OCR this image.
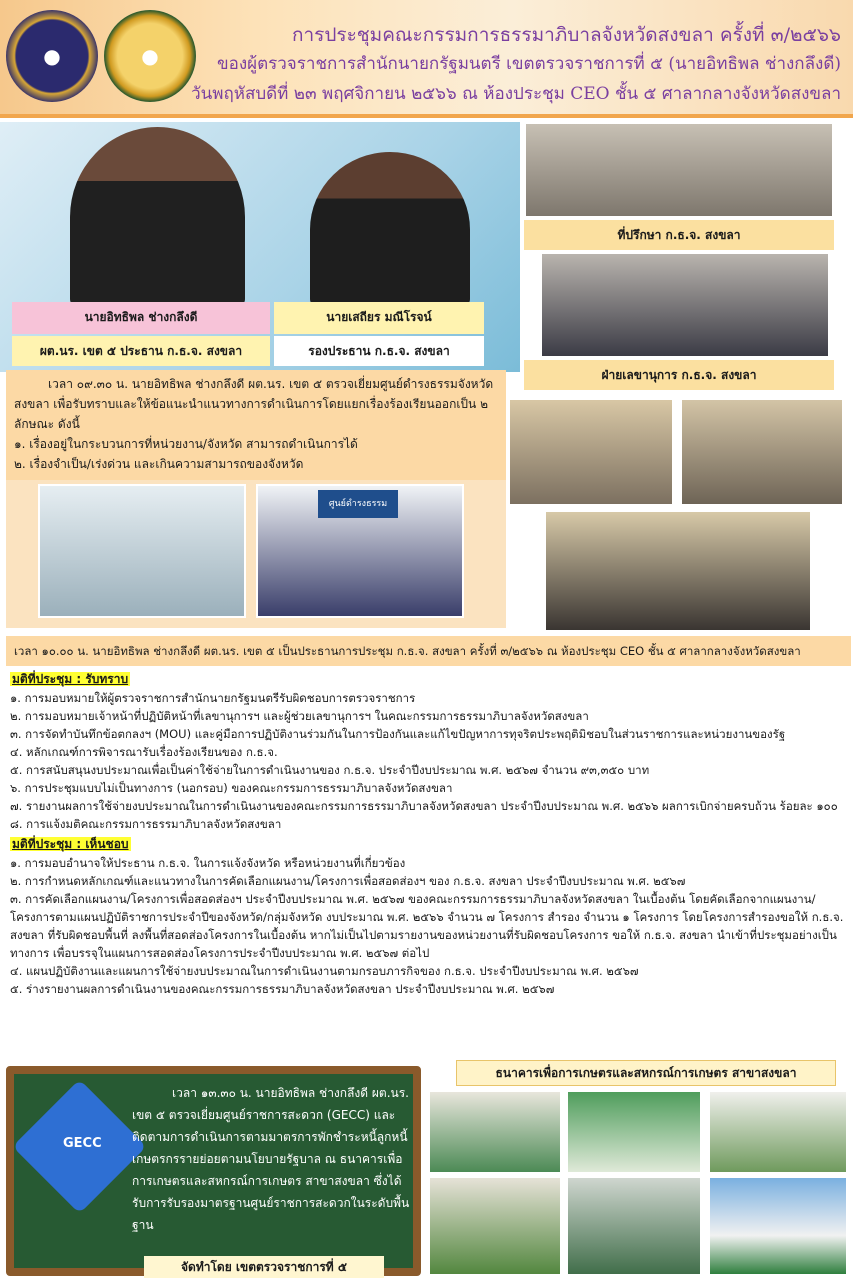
●	●
การประชุมคณะกรรมการธรรมาภิบาลจังหวัดสงขลา ครั้งที่ ๓/๒๕๖๖
ของผู้ตรวจราชการสำนักนายกรัฐมนตรี เขตตรวจราชการที่ ๕ (นายอิทธิพล ช่างกลึงดี)
วันพฤหัสบดีที่ ๒๓ พฤศจิกายน ๒๕๖๖ ณ ห้องประชุม CEO ชั้น ๕ ศาลากลางจังหวัดสงขลา
นายอิทธิพล ช่างกลึงดี
ผต.นร. เขต ๕ ประธาน ก.ธ.จ. สงขลา
นายเสถียร มณีโรจน์
รองประธาน ก.ธ.จ. สงขลา
ที่ปรึกษา ก.ธ.จ. สงขลา
ฝ่ายเลขานุการ ก.ธ.จ. สงขลา
เวลา ๐๙.๓๐ น. นายอิทธิพล ช่างกลึงดี ผต.นร. เขต ๕ ตรวจเยี่ยมศูนย์ดำรงธรรมจังหวัดสงขลา เพื่อรับทราบและให้ข้อแนะนำแนวทางการดำเนินการโดยแยกเรื่องร้องเรียนออกเป็น ๒ ลักษณะ ดังนี้
๑. เรื่องอยู่ในกระบวนการที่หน่วยงาน/จังหวัด สามารถดำเนินการได้
๒. เรื่องจำเป็น/เร่งด่วน และเกินความสามารถของจังหวัด
ศูนย์ดำรงธรรม
เวลา ๑๐.๐๐ น. นายอิทธิพล ช่างกลึงดี ผต.นร. เขต ๕ เป็นประธานการประชุม ก.ธ.จ. สงขลา ครั้งที่ ๓/๒๕๖๖ ณ ห้องประชุม CEO ชั้น ๕ ศาลากลางจังหวัดสงขลา
มติที่ประชุม : รับทราบ
๑. การมอบหมายให้ผู้ตรวจราชการสำนักนายกรัฐมนตรีรับผิดชอบการตรวจราชการ
๒. การมอบหมายเจ้าหน้าที่ปฏิบัติหน้าที่เลขานุการฯ และผู้ช่วยเลขานุการฯ ในคณะกรรมการธรรมาภิบาลจังหวัดสงขลา
๓. การจัดทำบันทึกข้อตกลงฯ (MOU) และคู่มือการปฏิบัติงานร่วมกันในการป้องกันและแก้ไขปัญหาการทุจริตประพฤติมิชอบในส่วนราชการและหน่วยงานของรัฐ
๔. หลักเกณฑ์การพิจารณารับเรื่องร้องเรียนของ ก.ธ.จ.
๕. การสนับสนุนงบประมาณเพื่อเป็นค่าใช้จ่ายในการดำเนินงานของ ก.ธ.จ. ประจำปีงบประมาณ พ.ศ. ๒๕๖๗ จำนวน ๙๓,๓๕๐ บาท
๖. การประชุมแบบไม่เป็นทางการ (นอกรอบ) ของคณะกรรมการธรรมาภิบาลจังหวัดสงขลา
๗. รายงานผลการใช้จ่ายงบประมาณในการดำเนินงานของคณะกรรมการธรรมาภิบาลจังหวัดสงขลา ประจำปีงบประมาณ พ.ศ. ๒๕๖๖ ผลการเบิกจ่ายครบถ้วน ร้อยละ ๑๐๐
๘. การแจ้งมติคณะกรรมการธรรมาภิบาลจังหวัดสงขลา
มติที่ประชุม : เห็นชอบ
๑. การมอบอำนาจให้ประธาน ก.ธ.จ. ในการแจ้งจังหวัด หรือหน่วยงานที่เกี่ยวข้อง
๒. การกำหนดหลักเกณฑ์และแนวทางในการคัดเลือกแผนงาน/โครงการเพื่อสอดส่องฯ ของ ก.ธ.จ. สงขลา ประจำปีงบประมาณ พ.ศ. ๒๕๖๗
๓. การคัดเลือกแผนงาน/โครงการเพื่อสอดส่องฯ ประจำปีงบประมาณ พ.ศ. ๒๕๖๗ ของคณะกรรมการธรรมาภิบาลจังหวัดสงขลา ในเบื้องต้น โดยคัดเลือกจากแผนงาน/โครงการตามแผนปฏิบัติราชการประจำปีของจังหวัด/กลุ่มจังหวัด งบประมาณ พ.ศ. ๒๕๖๖ จำนวน ๗ โครงการ สำรอง จำนวน ๑ โครงการ โดยโครงการสำรองขอให้ ก.ธ.จ. สงขลา ที่รับผิดชอบพื้นที่ ลงพื้นที่สอดส่องโครงการในเบื้องต้น หากไม่เป็นไปตามรายงานของหน่วยงานที่รับผิดชอบโครงการ ขอให้ ก.ธ.จ. สงขลา นำเข้าที่ประชุมอย่างเป็นทางการ เพื่อบรรจุในแผนการสอดส่องโครงการประจำปีงบประมาณ พ.ศ. ๒๕๖๗ ต่อไป
๔. แผนปฏิบัติงานและแผนการใช้จ่ายงบประมาณในการดำเนินงานตามกรอบภารกิจของ ก.ธ.จ. ประจำปีงบประมาณ พ.ศ. ๒๕๖๗
๕. ร่างรายงานผลการดำเนินงานของคณะกรรมการธรรมาภิบาลจังหวัดสงขลา ประจำปีงบประมาณ พ.ศ. ๒๕๖๗
GECC
เวลา ๑๓.๓๐ น. นายอิทธิพล ช่างกลึงดี ผต.นร. เขต ๕ ตรวจเยี่ยมศูนย์ราชการสะดวก (GECC) และติดตามการดำเนินการตามมาตรการพักชำระหนี้ลูกหนี้เกษตรกรรายย่อยตามนโยบายรัฐบาล ณ ธนาคารเพื่อการเกษตรและสหกรณ์การเกษตร สาขาสงขลา ซึ่งได้รับการรับรองมาตรฐานศูนย์ราชการสะดวกในระดับพื้นฐาน
จัดทำโดย เขตตรวจราชการที่ ๕
ธนาคารเพื่อการเกษตรและสหกรณ์การเกษตร สาขาสงขลา
